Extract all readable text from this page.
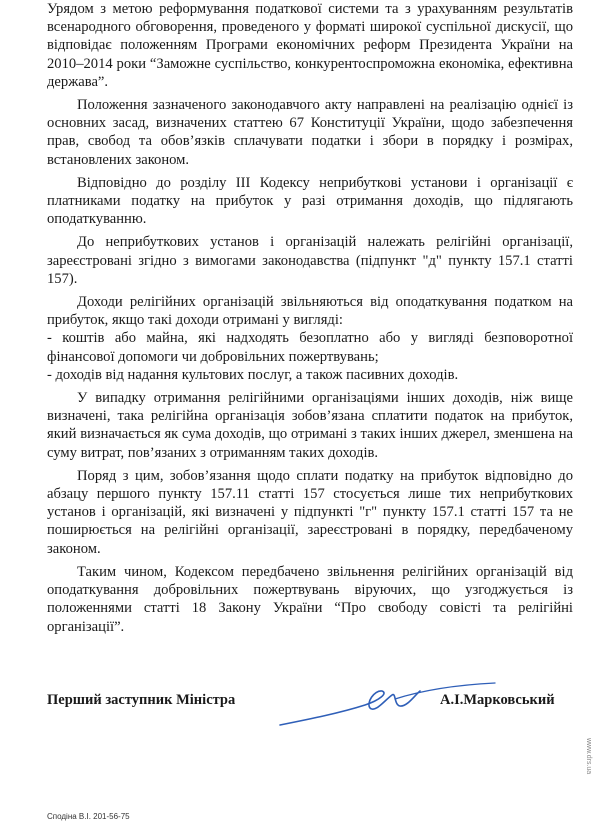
Урядом з метою реформування податкової системи та з урахуванням результатів всенародного обговорення, проведеного у форматі широкої суспільної дискусії, що відповідає положенням Програми економічних реформ Президента України на 2010–2014 роки “Заможне суспільство, конкурентоспроможна економіка, ефективна держава”.

Положення зазначеного законодавчого акту направлені на реалізацію однієї із основних засад, визначених статтею 67 Конституції України, щодо забезпечення прав, свобод та обов’язків сплачувати податки і збори в порядку і розмірах, встановлених законом.

Відповідно до розділу ІІІ Кодексу неприбуткові установи і організації є платниками податку на прибуток у разі отримання доходів, що підлягають оподаткуванню.

До неприбуткових установ і організацій належать релігійні організації, зареєстровані згідно з вимогами законодавства (підпункт "д" пункту 157.1 статті 157).

Доходи релігійних організацій звільняються від оподаткування податком на прибуток, якщо такі доходи отримані у вигляді:

- коштів або майна, які надходять безоплатно або у вигляді безповоротної фінансової допомоги чи добровільних пожертвувань;

- доходів від надання культових послуг, а також пасивних доходів.

У випадку отримання релігійними організаціями інших доходів, ніж вище визначені, така релігійна організація зобов’язана сплатити податок на прибуток, який визначається як сума доходів, що отримані з таких інших джерел, зменшена на суму витрат, пов’язаних з отриманням таких доходів.

Поряд з цим, зобов’язання щодо сплати податку на прибуток відповідно до абзацу першого пункту 157.11 статті 157 стосується лише тих неприбуткових установ і організацій, які визначені у підпункті "г" пункту 157.1 статті 157 та не поширюється на релігійні організації, зареєстровані в порядку, передбаченому законом.

Таким чином, Кодексом передбачено звільнення релігійних організацій від оподаткування добровільних пожертвувань віруючих, що узгоджується із положеннями статті 18 Закону України “Про свободу совісті та релігійні організації”.

Перший заступник Міністра	А.І.Марковський
Сподіна В.І. 201-56-75
www.drs.ua
